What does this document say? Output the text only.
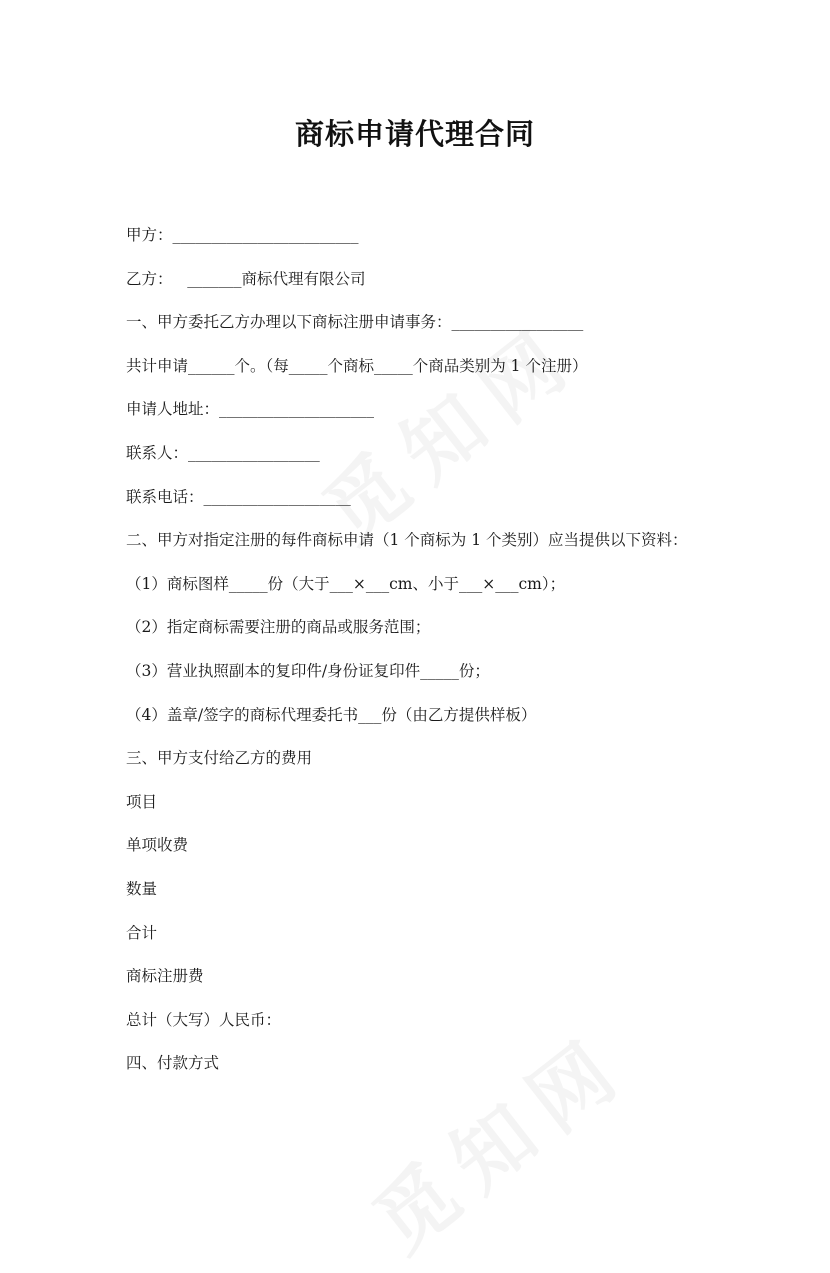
商标申请代理合同
甲方：________________________
乙方：   _______商标代理有限公司
一、甲方委托乙方办理以下商标注册申请事务：_________________
共计申请______个。（每_____个商标_____个商品类别为 1 个注册）
申请人地址：____________________
联系人：_________________
联系电话：___________________
二、甲方对指定注册的每件商标申请（1 个商标为 1 个类别）应当提供以下资料：
（1）商标图样_____份（大于___×___cm、小于___×___cm）；
（2）指定商标需要注册的商品或服务范围；
（3）营业执照副本的复印件/身份证复印件_____份；
（4）盖章/签字的商标代理委托书___份（由乙方提供样板）
三、甲方支付给乙方的费用
项目
单项收费
数量
合计
商标注册费
总计（大写）人民币：
四、付款方式
